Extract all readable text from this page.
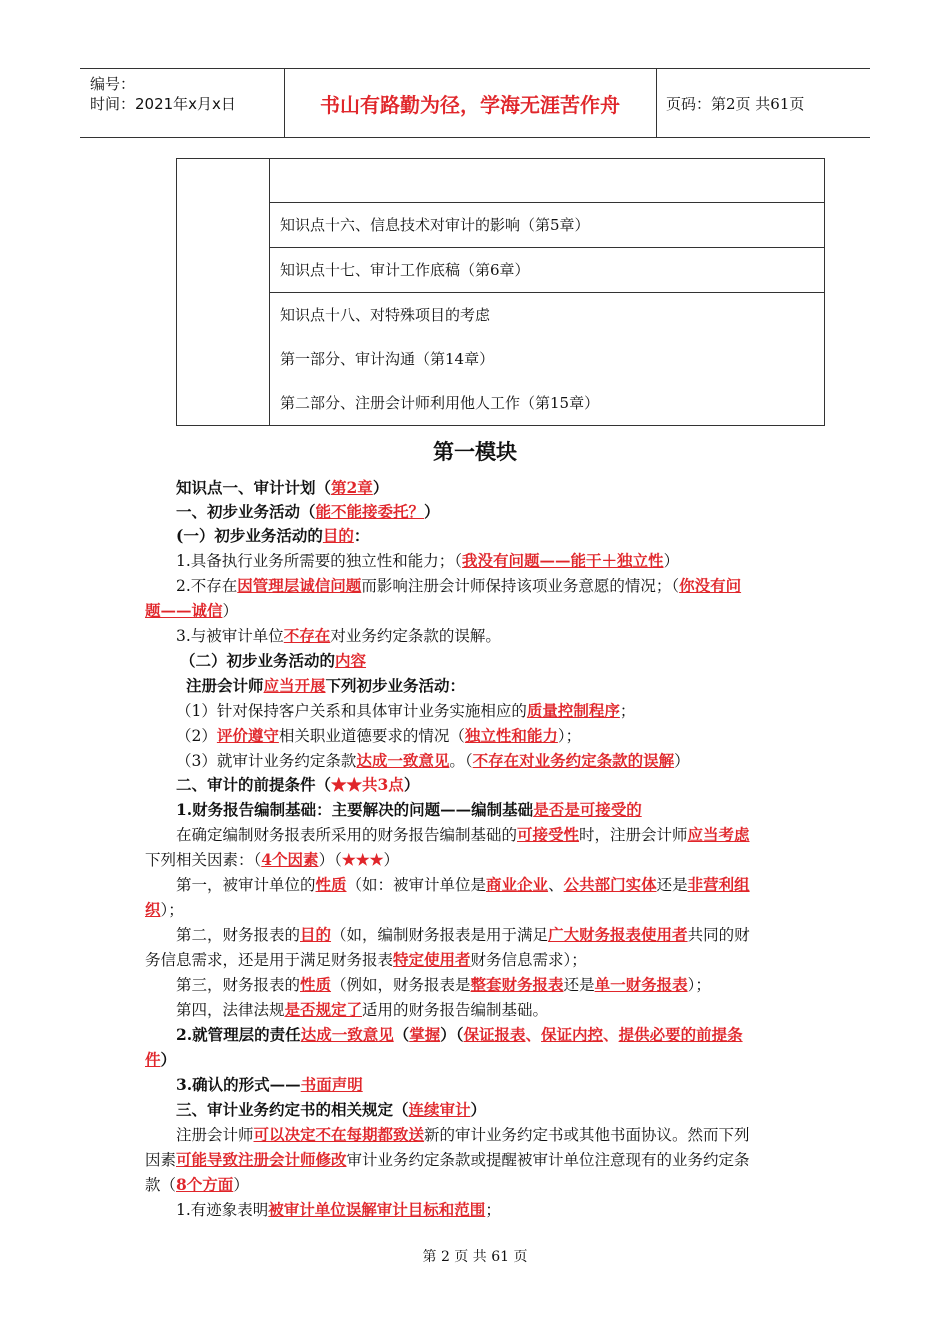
编号：
时间：2021年x月x日	书山有路勤为径，学海无涯苦作舟	页码：第2页 共61页

知识点十六、信息技术对审计的影响（第5章）
知识点十七、审计工作底稿（第6章）

知识点十八、对特殊项目的考虑

第一部分、审计沟通（第14章）

第二部分、注册会计师利用他人工作（第15章）

第一模块
知识点一、审计计划（第2章）
一、初步业务活动（能不能接委托？）
(一）初步业务活动的目的：
1.具备执行业务所需要的独立性和能力；（我没有问题——能干＋独立性）
2.不存在因管理层诚信问题而影响注册会计师保持该项业务意愿的情况；（你没有问
题——诚信）
3.与被审计单位不存在对业务约定条款的误解。
（二）初步业务活动的内容
注册会计师应当开展下列初步业务活动：
（1）针对保持客户关系和具体审计业务实施相应的质量控制程序；
（2）评价遵守相关职业道德要求的情况（独立性和能力）；
（3）就审计业务约定条款达成一致意见。（不存在对业务约定条款的误解）
二、审计的前提条件（★★共3点）
1.财务报告编制基础：主要解决的问题——编制基础是否是可接受的
在确定编制财务报表所采用的财务报告编制基础的可接受性时，注册会计师应当考虑
下列相关因素：（4个因素）（★★★）
第一，被审计单位的性质（如：被审计单位是商业企业、公共部门实体还是非营利组
织）；
第二，财务报表的目的（如，编制财务报表是用于满足广大财务报表使用者共同的财
务信息需求，还是用于满足财务报表特定使用者财务信息需求）；
第三，财务报表的性质（例如，财务报表是整套财务报表还是单一财务报表）；
第四，法律法规是否规定了适用的财务报告编制基础。
2.就管理层的责任达成一致意见（掌握）（保证报表、保证内控、提供必要的前提条
件）
3.确认的形式——书面声明
三、审计业务约定书的相关规定（连续审计）
注册会计师可以决定不在每期都致送新的审计业务约定书或其他书面协议。然而下列
因素可能导致注册会计师修改审计业务约定条款或提醒被审计单位注意现有的业务约定条
款（8个方面）
1.有迹象表明被审计单位误解审计目标和范围；
第 2 页 共 61 页
